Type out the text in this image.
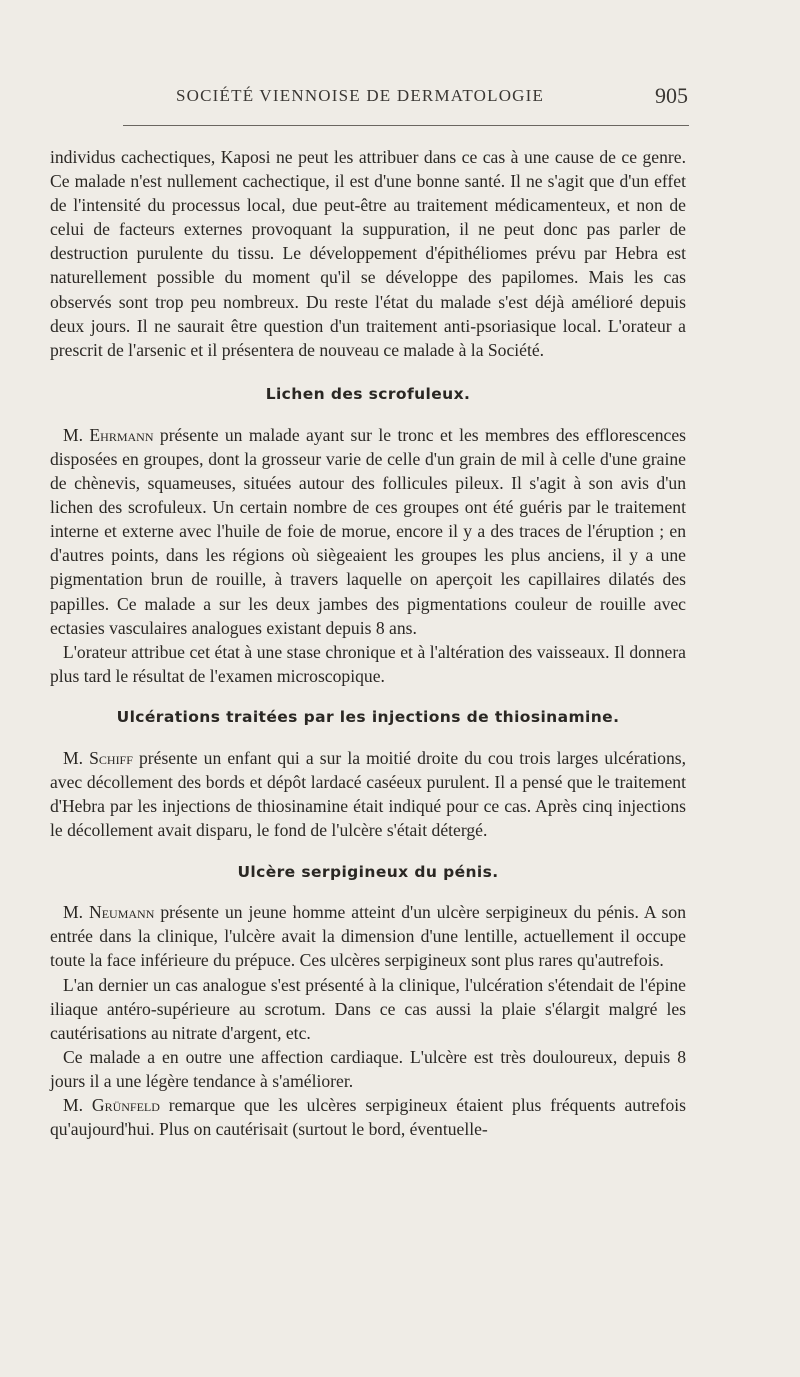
SOCIÉTÉ VIENNOISE DE DERMATOLOGIE	905

individus cachectiques, Kaposi ne peut les attribuer dans ce cas à une cause de ce genre. Ce malade n'est nullement cachectique, il est d'une bonne santé. Il ne s'agit que d'un effet de l'intensité du processus local, due peut-être au traitement médicamenteux, et non de celui de facteurs externes provoquant la suppuration, il ne peut donc pas parler de destruction purulente du tissu. Le développement d'épithéliomes prévu par Hebra est naturellement possible du moment qu'il se développe des papilomes. Mais les cas observés sont trop peu nombreux. Du reste l'état du malade s'est déjà amélioré depuis deux jours. Il ne saurait être question d'un traitement anti-psoriasique local. L'orateur a prescrit de l'arsenic et il présentera de nouveau ce malade à la Société.

Lichen des scrofuleux.

M. Ehrmann présente un malade ayant sur le tronc et les membres des efflorescences disposées en groupes, dont la grosseur varie de celle d'un grain de mil à celle d'une graine de chènevis, squameuses, situées autour des follicules pileux. Il s'agit à son avis d'un lichen des scrofuleux. Un certain nombre de ces groupes ont été guéris par le traitement interne et externe avec l'huile de foie de morue, encore il y a des traces de l'éruption ; en d'autres points, dans les régions où siègeaient les groupes les plus anciens, il y a une pigmentation brun de rouille, à travers laquelle on aperçoit les capillaires dilatés des papilles. Ce malade a sur les deux jambes des pigmentations couleur de rouille avec ectasies vasculaires analogues existant depuis 8 ans.

L'orateur attribue cet état à une stase chronique et à l'altération des vaisseaux. Il donnera plus tard le résultat de l'examen microscopique.

Ulcérations traitées par les injections de thiosinamine.

M. Schiff présente un enfant qui a sur la moitié droite du cou trois larges ulcérations, avec décollement des bords et dépôt lardacé caséeux purulent. Il a pensé que le traitement d'Hebra par les injections de thiosinamine était indiqué pour ce cas. Après cinq injections le décollement avait disparu, le fond de l'ulcère s'était détergé.

Ulcère serpigineux du pénis.

M. Neumann présente un jeune homme atteint d'un ulcère serpigineux du pénis. A son entrée dans la clinique, l'ulcère avait la dimension d'une lentille, actuellement il occupe toute la face inférieure du prépuce. Ces ulcères serpigineux sont plus rares qu'autrefois.

L'an dernier un cas analogue s'est présenté à la clinique, l'ulcération s'étendait de l'épine iliaque antéro-supérieure au scrotum. Dans ce cas aussi la plaie s'élargit malgré les cautérisations au nitrate d'argent, etc.

Ce malade a en outre une affection cardiaque. L'ulcère est très douloureux, depuis 8 jours il a une légère tendance à s'améliorer.

M. Grünfeld remarque que les ulcères serpigineux étaient plus fréquents autrefois qu'aujourd'hui. Plus on cautérisait (surtout le bord, éventuelle-
